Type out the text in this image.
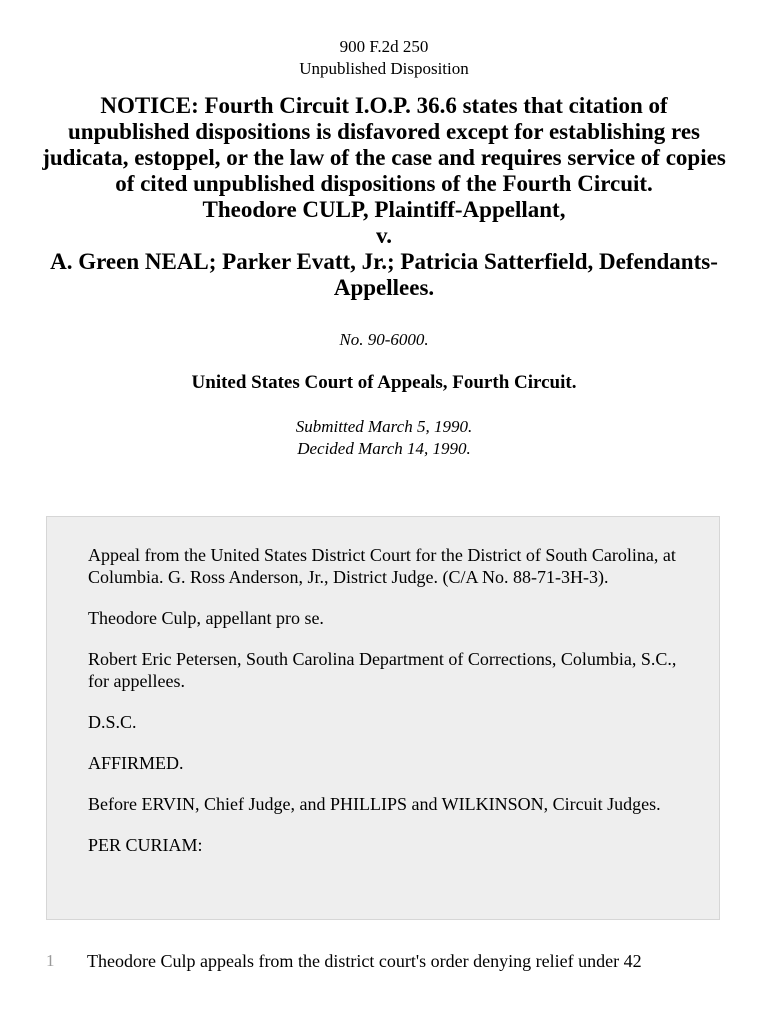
900 F.2d 250
Unpublished Disposition
NOTICE: Fourth Circuit I.O.P. 36.6 states that citation of unpublished dispositions is disfavored except for establishing res judicata, estoppel, or the law of the case and requires service of copies of cited unpublished dispositions of the Fourth Circuit.
Theodore CULP, Plaintiff-Appellant,
v.
A. Green NEAL; Parker Evatt, Jr.; Patricia Satterfield, Defendants-Appellees.
No. 90-6000.
United States Court of Appeals, Fourth Circuit.
Submitted March 5, 1990.
Decided March 14, 1990.

Appeal from the United States District Court for the District of South Carolina, at Columbia. G. Ross Anderson, Jr., District Judge. (C/A No. 88-71-3H-3).

Theodore Culp, appellant pro se.

Robert Eric Petersen, South Carolina Department of Corrections, Columbia, S.C., for appellees.

D.S.C.

AFFIRMED.

Before ERVIN, Chief Judge, and PHILLIPS and WILKINSON, Circuit Judges.

PER CURIAM:

1 Theodore Culp appeals from the district court's order denying relief under 42
